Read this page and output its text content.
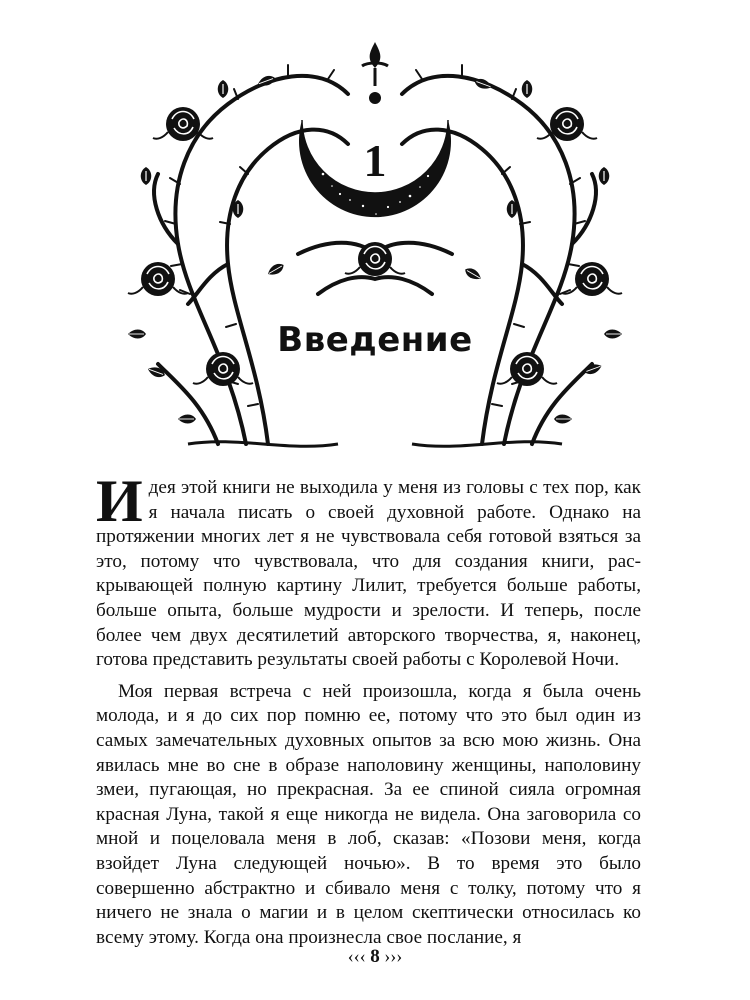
1
Введение

Идея этой книги не выходила у меня из головы с тех пор, как я начала писать о своей духовной работе. Однако на протяжении многих лет я не чувствовала себя готовой взяться за это, потому что чувствовала, что для создания книги, раскрывающей полную картину Лилит, требуется больше работы, больше опыта, больше мудрости и зрелости. И теперь, после более чем двух десятилетий авторского творчества, я, наконец, готова представить результаты своей работы с Королевой Ночи.

Моя первая встреча с ней произошла, когда я была очень молода, и я до сих пор помню ее, потому что это был один из самых замечательных духовных опытов за всю мою жизнь. Она явилась мне во сне в образе наполовину женщины, наполовину змеи, пугающая, но прекрасная. За ее спиной сияла огромная красная Луна, такой я еще никогда не видела. Она заговорила со мной и поцеловала меня в лоб, сказав: «Позови меня, когда взойдет Луна следующей ночью». В то время это было совершенно абстрактно и сбивало меня с толку, потому что я ничего не знала о магии и в целом скептически относилась ко всему этому. Когда она произнесла свое послание, я

‹‹‹ 8 ›››
